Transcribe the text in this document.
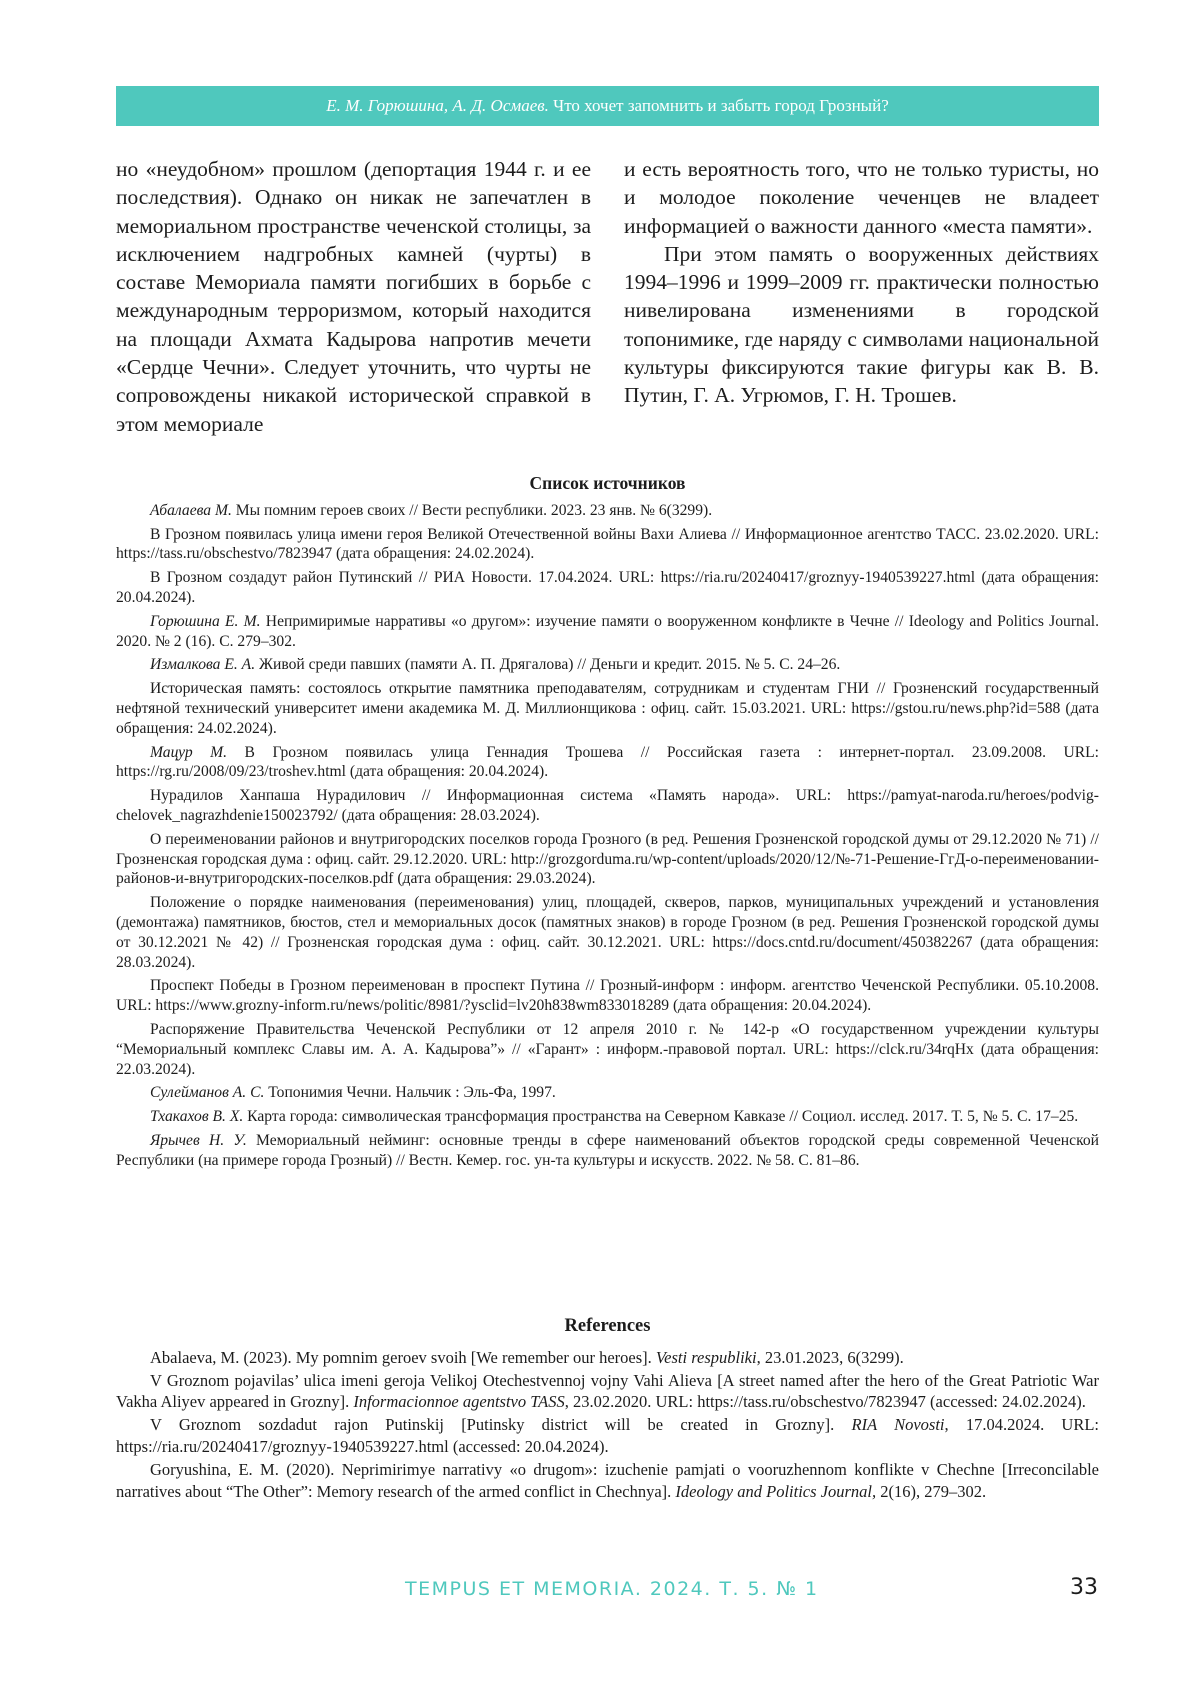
Е. М. Горюшина, А. Д. Осмаев.
Что хочет запомнить и забыть город Грозный?

но «неудобном» прошлом (депортация 1944 г. и ее последствия). Однако он никак не запечатлен в мемориальном пространстве чеченской столицы, за исключением надгробных камней (чурты) в составе Мемориала памяти погибших в борьбе с международным терроризмом, который находится на площади Ахмата Кадырова напротив мечети «Сердце Чечни». Следует уточнить, что чурты не сопровождены никакой исторической справкой в этом мемориале

и есть вероятность того, что не только туристы, но и молодое поколение чеченцев не владеет информацией о важности данного «места памяти».

При этом память о вооруженных действиях 1994–1996 и 1999–2009 гг. практически полностью нивелирована изменениями в городской топонимике, где наряду с символами национальной культуры фиксируются такие фигуры как В. В. Путин, Г. А. Угрюмов, Г. Н. Трошев.

Список источников

Абалаева М. Мы помним героев своих // Вести республики. 2023. 23 янв. № 6(3299).

В Грозном появилась улица имени героя Великой Отечественной войны Вахи Алиева // Информационное агентство ТАСС. 23.02.2020. URL: https://tass.ru/obschestvo/7823947 (дата обращения: 24.02.2024).

В Грозном создадут район Путинский // РИА Новости. 17.04.2024. URL: https://ria.ru/20240417/groznyy-1940539227.html (дата обращения: 20.04.2024).

Горюшина Е. М. Непримиримые нарративы «о другом»: изучение памяти о вооруженном конфликте в Чечне // Ideology and Politics Journal. 2020. № 2 (16). С. 279–302.

Измалкова Е. А. Живой среди павших (памяти А. П. Дрягалова) // Деньги и кредит. 2015. № 5. С. 24–26.

Историческая память: состоялось открытие памятника преподавателям, сотрудникам и студентам ГНИ // Грозненский государственный нефтяной технический университет имени академика М. Д. Миллионщикова : офиц. сайт. 15.03.2021. URL: https://gstou.ru/news.php?id=588 (дата обращения: 24.02.2024).

Мацур М. В Грозном появилась улица Геннадия Трошева // Российская газета : интернет-портал. 23.09.2008. URL: https://rg.ru/2008/09/23/troshev.html (дата обращения: 20.04.2024).

Нурадилов Ханпаша Нурадилович // Информационная система «Память народа». URL: https://pamyat-naroda.ru/heroes/podvig-chelovek_nagrazhdenie150023792/ (дата обращения: 28.03.2024).

О переименовании районов и внутригородских поселков города Грозного (в ред. Решения Грозненской городской думы от 29.12.2020 № 71) // Грозненская городская дума : офиц. сайт. 29.12.2020. URL: http://grozgorduma.ru/wp-content/uploads/2020/12/№-71-Решение-ГгД-о-переименовании-районов-и-внутригородских-поселков.pdf (дата обращения: 29.03.2024).

Положение о порядке наименования (переименования) улиц, площадей, скверов, парков, муниципальных учреждений и установления (демонтажа) памятников, бюстов, стел и мемориальных досок (памятных знаков) в городе Грозном (в ред. Решения Грозненской городской думы от 30.12.2021 № 42) // Грозненская городская дума : офиц. сайт. 30.12.2021. URL: https://docs.cntd.ru/document/450382267 (дата обращения: 28.03.2024).

Проспект Победы в Грозном переименован в проспект Путина // Грозный-информ : информ. агентство Чеченской Республики. 05.10.2008. URL: https://www.grozny-inform.ru/news/politic/8981/?ysclid=lv20h838wm833018289 (дата обращения: 20.04.2024).

Распоряжение Правительства Чеченской Республики от 12 апреля 2010 г. № 142-р «О государственном учреждении культуры “Мемориальный комплекс Славы им. А. А. Кадырова”» // «Гарант» : информ.-правовой портал. URL: https://clck.ru/34rqHx (дата обращения: 22.03.2024).

Сулейманов А. С. Топонимия Чечни. Нальчик : Эль-Фа, 1997.

Тхакахов В. Х. Карта города: символическая трансформация пространства на Северном Кавказе // Социол. исслед. 2017. Т. 5, № 5. С. 17–25.

Ярычев Н. У. Мемориальный нейминг: основные тренды в сфере наименований объектов городской среды современной Чеченской Республики (на примере города Грозный) // Вестн. Кемер. гос. ун-та культуры и искусств. 2022. № 58. С. 81–86.

References

Abalaeva, M. (2023). My pomnim geroev svoih [We remember our heroes]. Vesti respubliki, 23.01.2023, 6(3299).

V Groznom pojavilas’ ulica imeni geroja Velikoj Otechestvennoj vojny Vahi Alieva [A street named after the hero of the Great Patriotic War Vakha Aliyev appeared in Grozny]. Informacionnoe agentstvo TASS, 23.02.2020. URL: https://tass.ru/obschestvo/7823947 (accessed: 24.02.2024).

V Groznom sozdadut rajon Putinskij [Putinsky district will be created in Grozny]. RIA Novosti, 17.04.2024. URL: https://ria.ru/20240417/groznyy-1940539227.html (accessed: 20.04.2024).

Goryushina, E. M. (2020). Neprimirimye narrativy «o drugom»: izuchenie pamjati o vooruzhennom konflikte v Chechne [Irreconcilable narratives about “The Other”: Memory research of the armed conflict in Chechnya]. Ideology and Politics Journal, 2(16), 279–302.

TEMPUS ET MEMORIA. 2024. Т. 5. № 1	33
